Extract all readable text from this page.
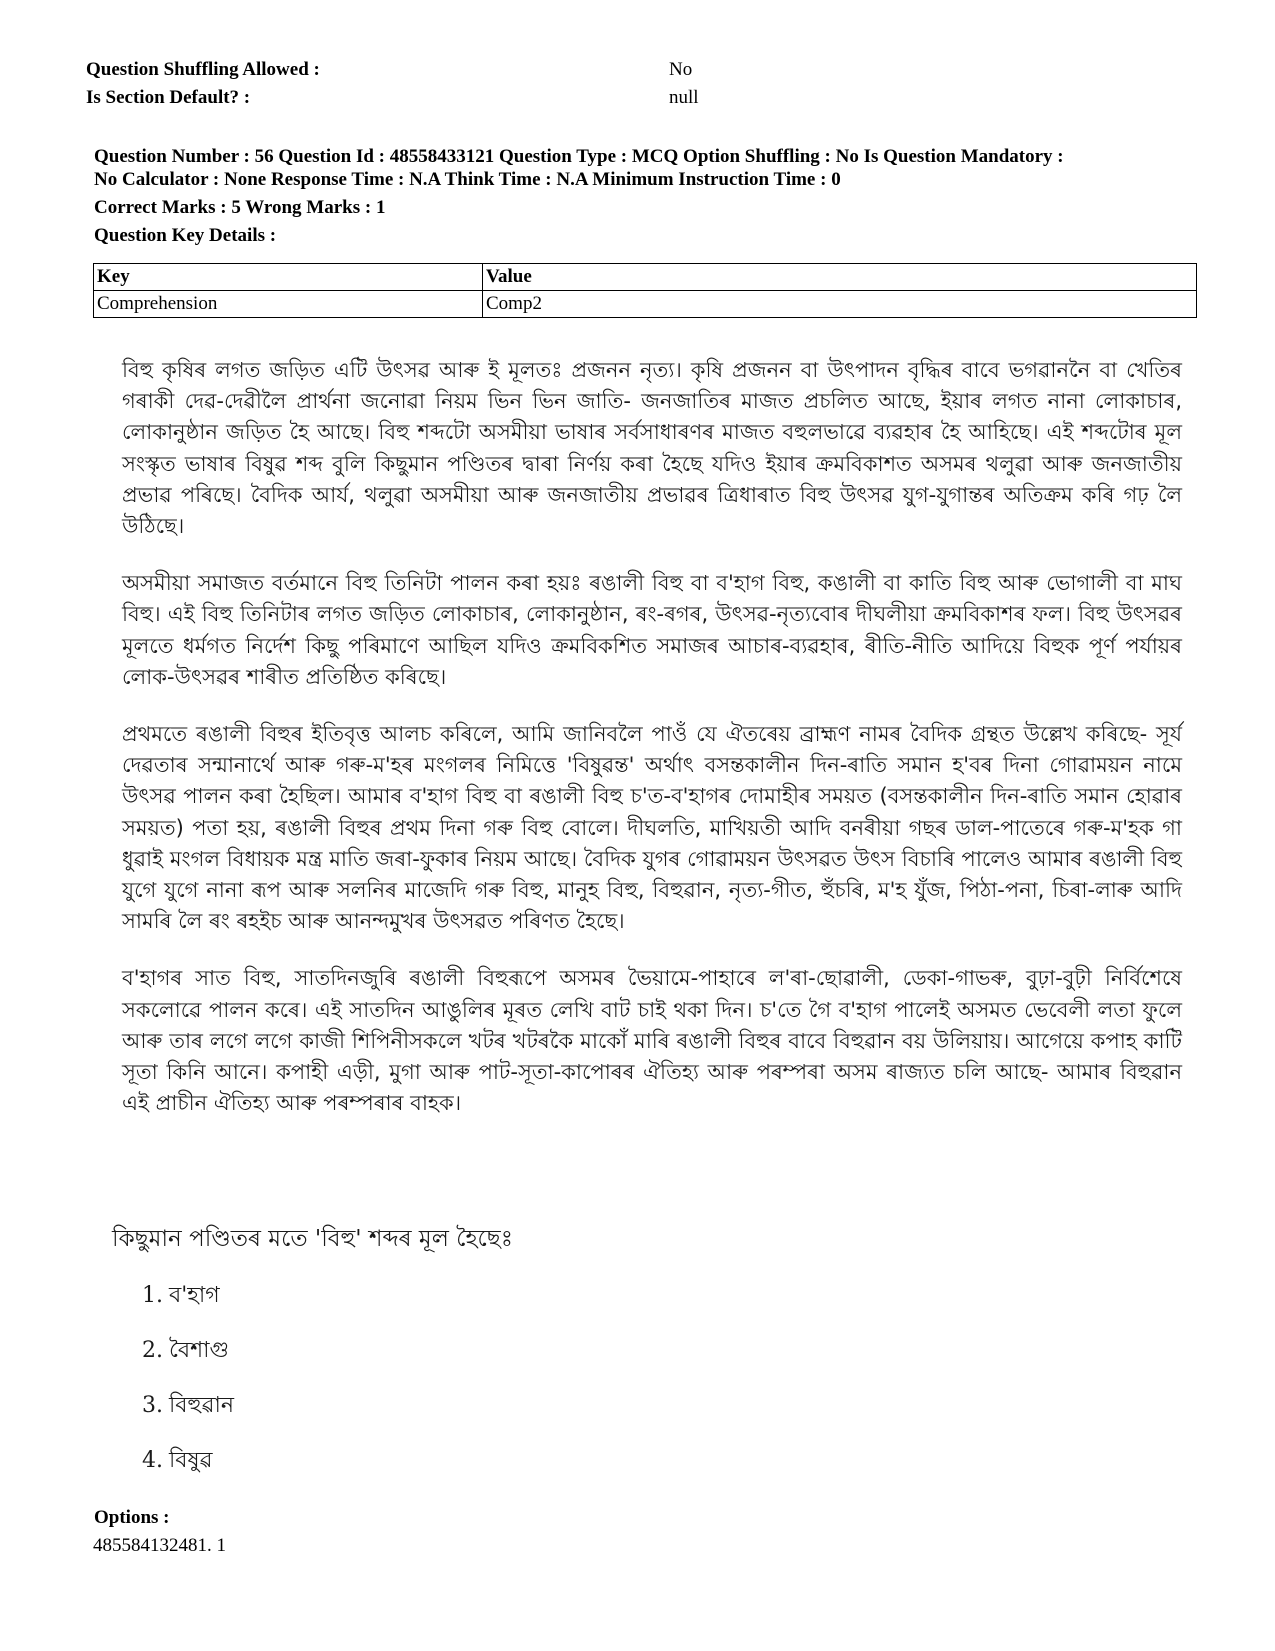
Question Shuffling Allowed :	No
Is Section Default? :	null
Question Number : 56 Question Id : 48558433121 Question Type : MCQ Option Shuffling : No Is Question Mandatory :
No Calculator : None Response Time : N.A Think Time : N.A Minimum Instruction Time : 0
Correct Marks : 5 Wrong Marks : 1
Question Key Details :
Key	Value
Comprehension	Comp2

বিহু কৃষিৰ লগত জড়িত এটি উৎসৱ আৰু ই মূলতঃ প্ৰজনন নৃত্য। কৃষি প্ৰজনন বা উৎপাদন বৃদ্ধিৰ বাবে ভগৱাননৈ বা খেতিৰ গৰাকী দেৱ-দেৱীলৈ প্ৰাৰ্থনা জনোৱা নিয়ম ভিন ভিন জাতি- জনজাতিৰ মাজত প্ৰচলিত আছে, ইয়াৰ লগত নানা লোকাচাৰ, লোকানুষ্ঠান জড়িত হৈ আছে। বিহু শব্দটো অসমীয়া ভাষাৰ সৰ্বসাধাৰণৰ মাজত বহুলভাৱে ব্যৱহাৰ হৈ আহিছে। এই শব্দটোৰ মূল সংস্কৃত ভাষাৰ বিষুৱ শব্দ বুলি কিছুমান পণ্ডিতৰ দ্বাৰা নিৰ্ণয় কৰা হৈছে যদিও ইয়াৰ ক্ৰমবিকাশত অসমৰ থলুৱা আৰু জনজাতীয় প্ৰভাৱ পৰিছে। বৈদিক আৰ্য, থলুৱা অসমীয়া আৰু জনজাতীয় প্ৰভাৱৰ ত্ৰিধাৰাত বিহু উৎসৱ যুগ-যুগান্তৰ অতিক্ৰম কৰি গঢ় লৈ উঠিছে।

অসমীয়া সমাজত বৰ্তমানে বিহু তিনিটা পালন কৰা হয়ঃ ৰঙালী বিহু বা ব'হাগ বিহু, কঙালী বা কাতি বিহু আৰু ভোগালী বা মাঘ বিহু। এই বিহু তিনিটাৰ লগত জড়িত লোকাচাৰ, লোকানুষ্ঠান, ৰং-ৰগৰ, উৎসৱ-নৃত্যবোৰ দীঘলীয়া ক্ৰমবিকাশৰ ফল। বিহু উৎসৱৰ মূলতে ধৰ্মগত নিৰ্দেশ কিছু পৰিমাণে আছিল যদিও ক্ৰমবিকশিত সমাজৰ আচাৰ-ব্যৱহাৰ, ৰীতি-নীতি আদিয়ে বিহুক পূৰ্ণ পৰ্যায়ৰ লোক-উৎসৱৰ শাৰীত প্ৰতিষ্ঠিত কৰিছে।

প্ৰথমতে ৰঙালী বিহুৰ ইতিবৃত্ত আলচ কৰিলে, আমি জানিবলৈ পাওঁ যে ঐতৰেয় ব্ৰাহ্মণ নামৰ বৈদিক গ্ৰন্থত উল্লেখ কৰিছে- সূৰ্য দেৱতাৰ সন্মানাৰ্থে আৰু গৰু-ম'হৰ মংগলৰ নিমিত্তে 'বিষুৱন্ত' অৰ্থাৎ বসন্তকালীন দিন-ৰাতি সমান হ'বৰ দিনা গোৱাময়ন নামে উৎসৱ পালন কৰা হৈছিল। আমাৰ ব'হাগ বিহু বা ৰঙালী বিহু চ'ত-ব'হাগৰ দোমাহীৰ সময়ত (বসন্তকালীন দিন-ৰাতি সমান হোৱাৰ সময়ত) পতা হয়, ৰঙালী বিহুৰ প্ৰথম দিনা গৰু বিহু বোলে। দীঘলতি, মাখিয়তী আদি বনৰীয়া গছৰ ডাল-পাতেৰে গৰু-ম'হক গা ধুৱাই মংগল বিধায়ক মন্ত্ৰ মাতি জৰা-ফুকাৰ নিয়ম আছে। বৈদিক যুগৰ গোৱাময়ন উৎসৱত উৎস বিচাৰি পালেও আমাৰ ৰঙালী বিহু যুগে যুগে নানা ৰূপ আৰু সলনিৰ মাজেদি গৰু বিহু, মানুহ বিহু, বিহুৱান, নৃত্য-গীত, হুঁচৰি, ম'হ যুঁজ, পিঠা-পনা, চিৰা-লাৰু আদি সামৰি লৈ ৰং ৰহইচ আৰু আনন্দমুখৰ উৎসৱত পৰিণত হৈছে।

ব'হাগৰ সাত বিহু, সাতদিনজুৰি ৰঙালী বিহুৰূপে অসমৰ ভৈয়ামে-পাহাৰে ল'ৰা-ছোৱালী, ডেকা-গাভৰু, বুঢ়া-বুঢ়ী নিৰ্বিশেষে সকলোৱে পালন কৰে। এই সাতদিন আঙুলিৰ মূৰত লেখি বাট চাই থকা দিন। চ'তে গৈ ব'হাগ পালেই অসমত ভেবেলী লতা ফুলে আৰু তাৰ লগে লগে কাজী শিপিনীসকলে খটৰ খটৰকৈ মাকোঁ মাৰি ৰঙালী বিহুৰ বাবে বিহুৱান বয় উলিয়ায়। আগেয়ে কপাহ কাটি সূতা কিনি আনে। কপাহী এড়ী, মুগা আৰু পাট-সূতা-কাপোৰৰ ঐতিহ্য আৰু পৰম্পৰা অসম ৰাজ্যত চলি আছে- আমাৰ বিহুৱান এই প্ৰাচীন ঐতিহ্য আৰু পৰম্পৰাৰ বাহক।

কিছুমান পণ্ডিতৰ মতে 'বিহু' শব্দৰ মূল হৈছেঃ
1. ব'হাগ
2. বৈশাগু
3. বিহুৱান
4. বিষুৱ
Options :
485584132481. 1
